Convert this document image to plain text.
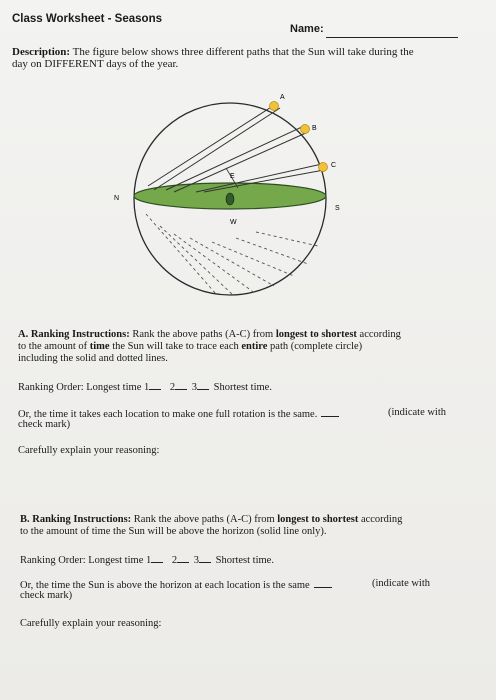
Class Worksheet - Seasons
Name:
Description: The figure below shows three different paths that the Sun will take during the
day on DIFFERENT days of the year.
A
B
C
N
S
E
W
A. Ranking Instructions: Rank the above paths (A-C) from longest to shortest according
to the amount of time the Sun will take to trace each entire path (complete circle)
including the solid and dotted lines.
Ranking Order: Longest time 1 2 3 Shortest time.
Or, the time it takes each location to make one full rotation is the same.	(indicate with
check mark)
Carefully explain your reasoning:
B. Ranking Instructions: Rank the above paths (A-C) from longest to shortest according
to the amount of time the Sun will be above the horizon (solid line only).
Ranking Order: Longest time 1 2 3 Shortest time.
Or, the time the Sun is above the horizon at each location is the same	(indicate with
check mark)
Carefully explain your reasoning:
